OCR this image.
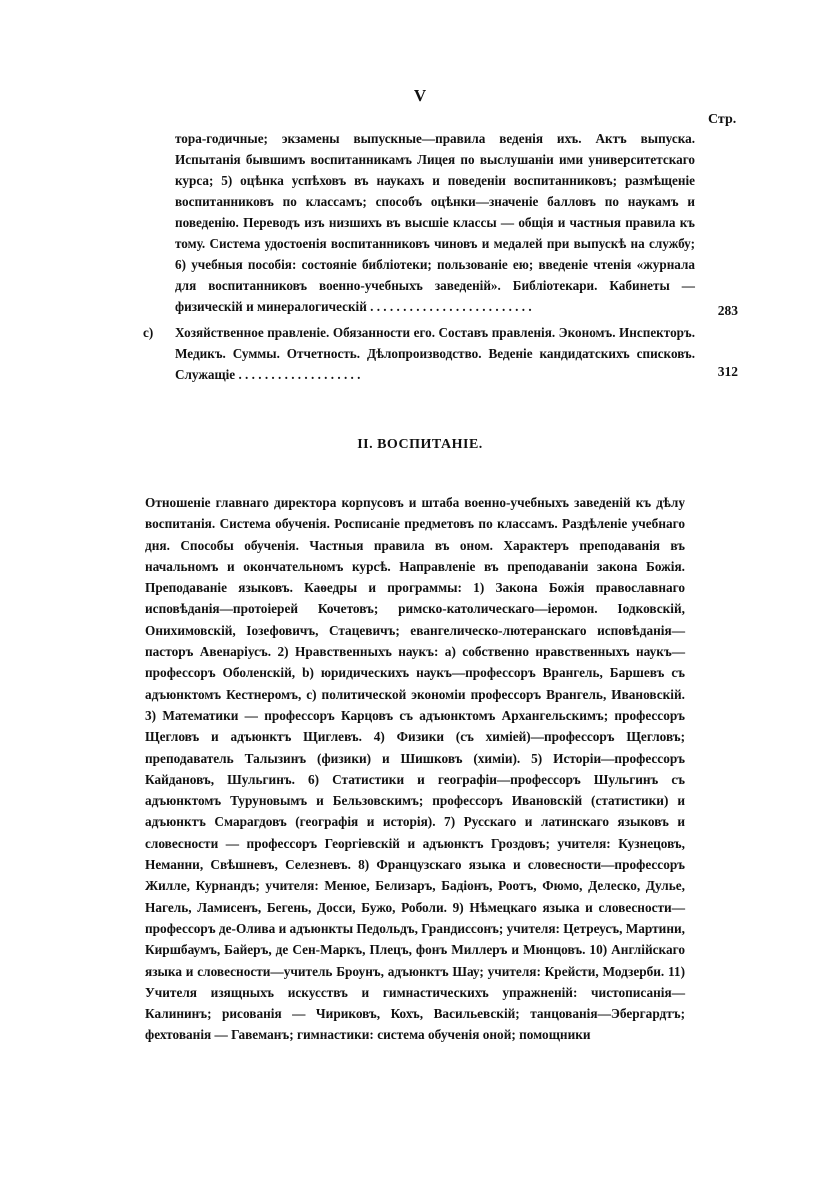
V
Стр.

тора-годичные; экзамены выпускные—правила веденія ихъ. Актъ выпуска. Испытанія бывшимъ воспитанникамъ Лицея по выслушаніи ими университетскаго курса; 5) оцѣнка успѣховъ въ наукахъ и поведеніи воспитанниковъ; размѣщеніе воспитанниковъ по классамъ; способъ оцѣнки—значеніе балловъ по наукамъ и поведенію. Переводъ изъ низшихъ въ высшіе классы — общія и частныя правила къ тому. Система удостоенія воспитанниковъ чиновъ и медалей при выпускѣ на службу; 6) учебныя пособія: состояніе библіотеки; пользованіе ею; введеніе чтенія «журнала для воспитанниковъ военно-учебныхъ заведеній». Библіотекари. Кабинеты — физическій и минералогическій . . . . . . . . . . . . . . . . . . . . . . . . .	283
c) Хозяйственное правленіе. Обязанности его. Составъ правленія. Экономъ. Инспекторъ. Медикъ. Суммы. Отчетность. Дѣлопроизводство. Веденіе кандидатскихъ списковъ. Служащіе . . . . . . . . . . . . . . . . . . .	312
II. ВОСПИТАНІЕ.

Отношеніе главнаго директора корпусовъ и штаба военно-учебныхъ заведеній къ дѣлу воспитанія. Система обученія. Росписаніе предметовъ по классамъ. Раздѣленіе учебнаго дня. Способы обученія. Частныя правила въ оном. Характеръ преподаванія въ начальномъ и окончательномъ курсѣ. Направленіе въ преподаваніи закона Божія. Преподаваніе языковъ. Каѳедры и программы: 1) Закона Божія православнаго исповѣданія—протоіерей Кочетовъ; римско-католическаго—іеромон. Іодковскій, Онихимовскій, Іозефовичъ, Стацевичъ; евангелическо-лютеранскаго исповѣданія—пасторъ Авенаріусъ. 2) Нравственныхъ наукъ: a) собственно нравственныхъ наукъ—профессоръ Оболенскій, b) юридическихъ наукъ—профессоръ Врангель, Баршевъ съ адъюнктомъ Кестнеромъ, c) политической экономіи профессоръ Врангель, Ивановскій. 3) Математики — профессоръ Карцовъ съ адъюнктомъ Архангельскимъ; профессоръ Щегловъ и адъюнктъ Щиглевъ. 4) Физики (съ химіей)—профессоръ Щегловъ; преподаватель Талызинъ (физики) и Шишковъ (химіи). 5) Исторіи—профессоръ Кайдановъ, Шульгинъ. 6) Статистики и географіи—профессоръ Шульгинъ съ адъюнктомъ Туруновымъ и Бельзовскимъ; профессоръ Ивановскій (статистики) и адъюнктъ Смарагдовъ (географія и исторія). 7) Русскаго и латинскаго языковъ и словесности — профессоръ Георгіевскій и адъюнктъ Гроздовъ; учителя: Кузнецовъ, Неманни, Свѣшневъ, Селезневъ. 8) Французскаго языка и словесности—профессоръ Жилле, Курнандъ; учителя: Менюе, Белизаръ, Бадіонъ, Роотъ, Фюмо, Делеско, Дулье, Нагель, Ламисенъ, Бегень, Досси, Бужо, Роболи. 9) Нѣмецкаго языка и словесности—профессоръ де-Олива и адъюнкты Педольдъ, Грандиссонъ; учителя: Цетреусъ, Мартини, Киршбаумъ, Байеръ, де Сен-Маркъ, Плецъ, фонъ Миллеръ и Мюнцовъ. 10) Англійскаго языка и словесности—учитель Броунъ, адъюнктъ Шау; учителя: Крейсти, Модзерби. 11) Учителя изящныхъ искусствъ и гимнастическихъ упражненій: чистописанія—Калининъ; рисованія — Чириковъ, Кохъ, Васильевскій; танцованія—Эбергардтъ; фехтованія — Гавеманъ; гимнастики: система обученія оной; помощники
